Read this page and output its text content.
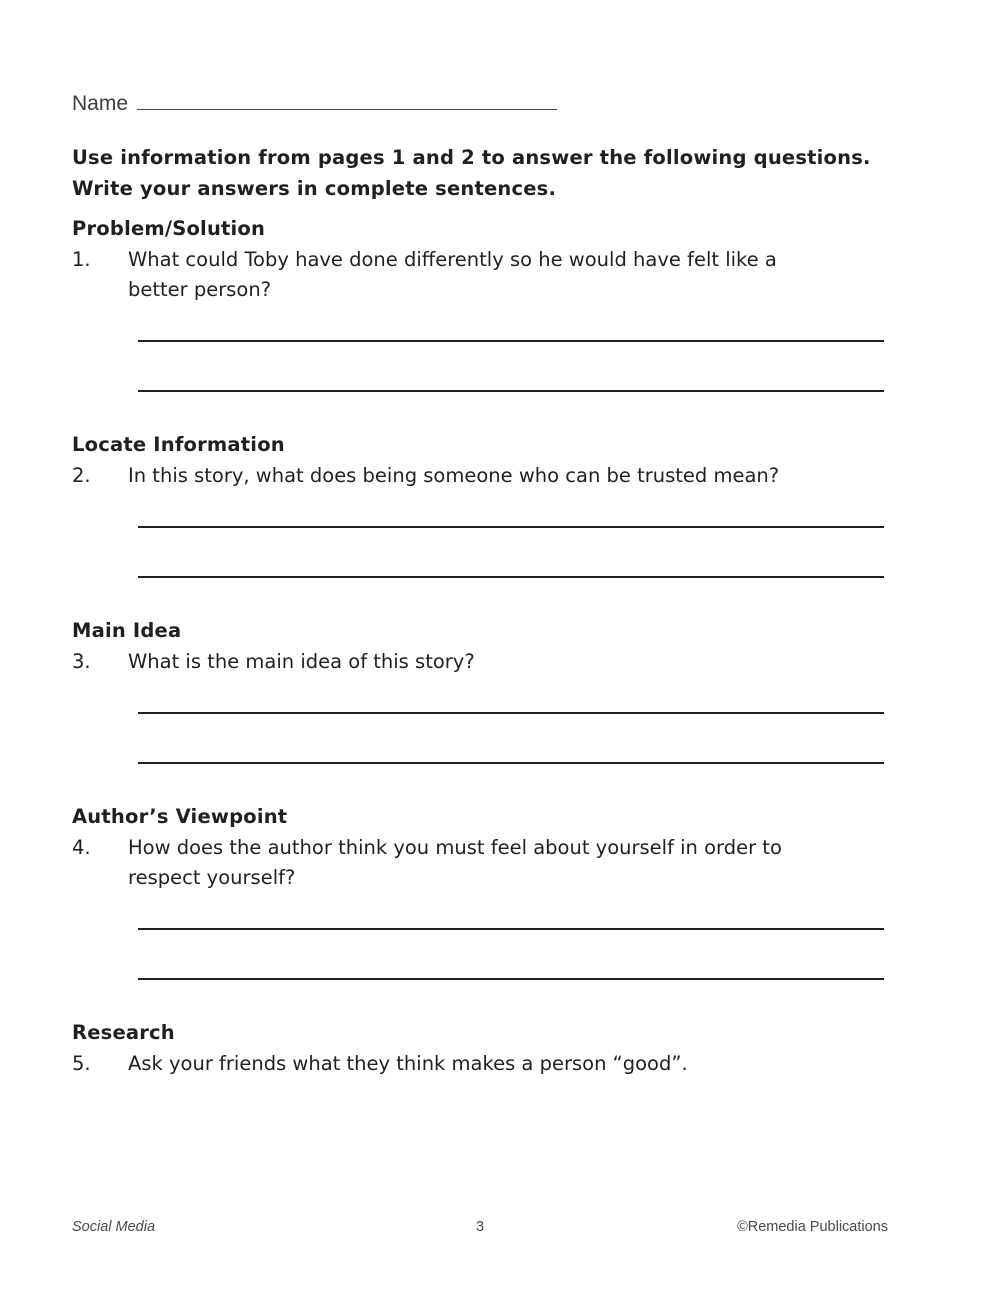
Name
Use information from pages 1 and 2 to answer the following questions.
Write your answers in complete sentences.
Problem/Solution
1.	What could Toby have done differently so he would have felt like a
better person?
Locate Information
2.	In this story, what does being someone who can be trusted mean?
Main Idea
3.	What is the main idea of this story?
Author’s Viewpoint
4.	How does the author think you must feel about yourself in order to
respect yourself?
Research
5.	Ask your friends what they think makes a person “good”.
Social Media	3	©Remedia Publications
